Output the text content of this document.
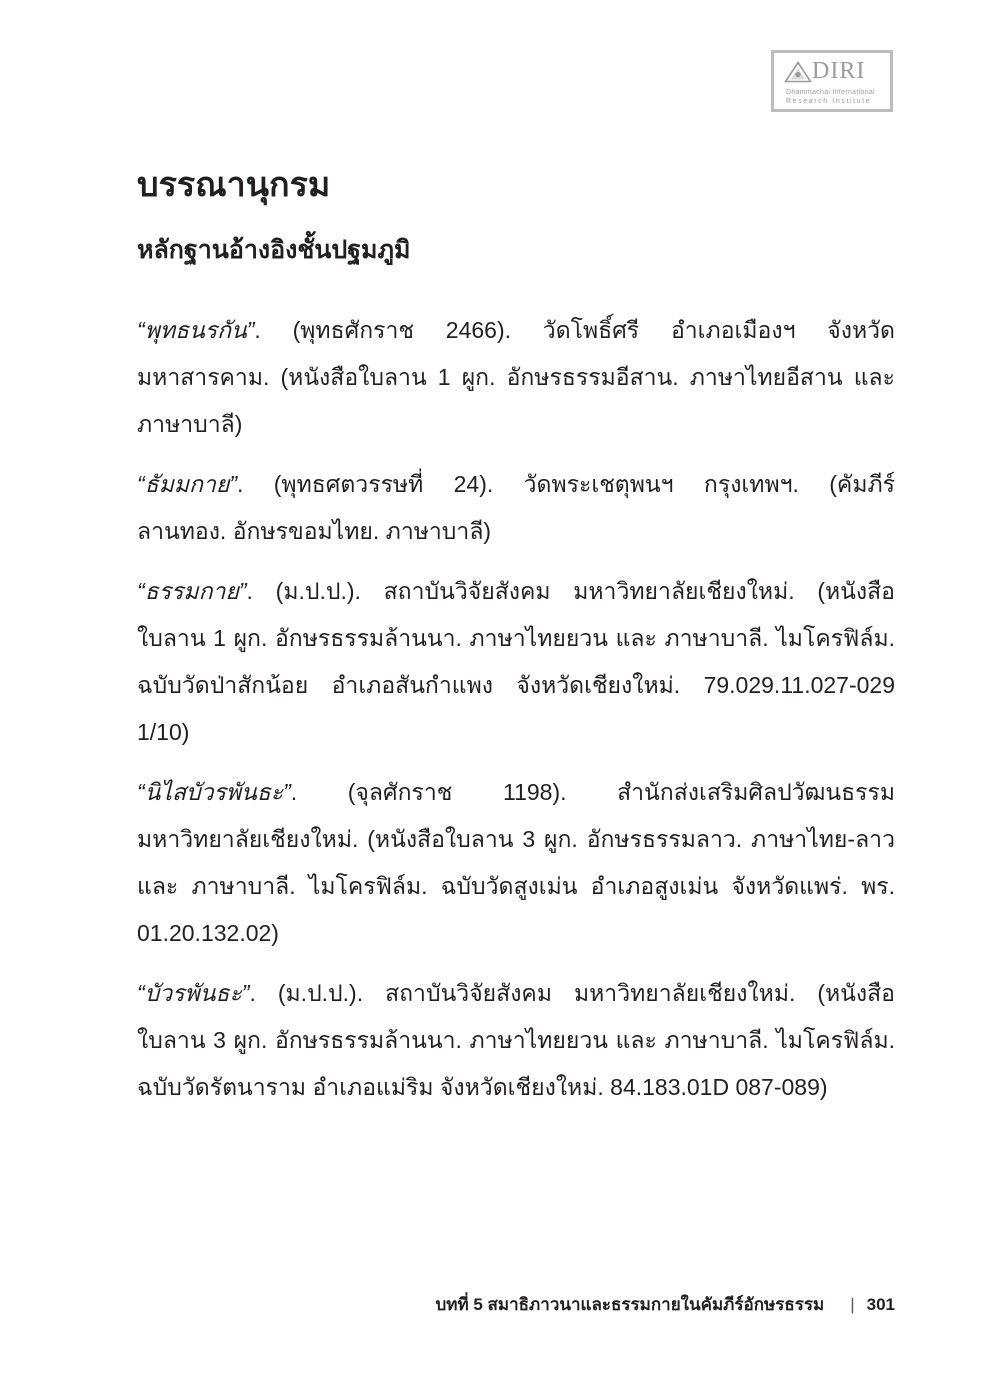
DIRI
Dhammachai International
Research Institute
บรรณานุกรม
หลักฐานอ้างอิงชั้นปฐมภูมิ
“พุทธนรกัน”. (พุทธศักราช 2466). วัดโพธิ์ศรี อำเภอเมืองฯ จังหวัด
มหาสารคาม. (หนังสือใบลาน 1 ผูก. อักษรธรรมอีสาน. ภาษาไทยอีสาน และ
ภาษาบาลี)
“ธัมมกาย”. (พุทธศตวรรษที่ 24). วัดพระเชตุพนฯ กรุงเทพฯ. (คัมภีร์
ลานทอง. อักษรขอมไทย. ภาษาบาลี)
“ธรรมกาย”. (ม.ป.ป.). สถาบันวิจัยสังคม มหาวิทยาลัยเชียงใหม่. (หนังสือ
ใบลาน 1 ผูก. อักษรธรรมล้านนา. ภาษาไทยยวน และ ภาษาบาลี. ไมโครฟิล์ม.
ฉบับวัดป่าสักน้อย อำเภอสันกำแพง จังหวัดเชียงใหม่. 79.029.11.027-029
1/10)
“นิไสบัวรพันธะ”. (จุลศักราช 1198). สำนักส่งเสริมศิลปวัฒนธรรม
มหาวิทยาลัยเชียงใหม่. (หนังสือใบลาน 3 ผูก. อักษรธรรมลาว. ภาษาไทย-ลาว
และ ภาษาบาลี. ไมโครฟิล์ม. ฉบับวัดสูงเม่น อำเภอสูงเม่น จังหวัดแพร่. พร.
01.20.132.02)
“บัวรพันธะ”. (ม.ป.ป.). สถาบันวิจัยสังคม มหาวิทยาลัยเชียงใหม่. (หนังสือ
ใบลาน 3 ผูก. อักษรธรรมล้านนา. ภาษาไทยยวน และ ภาษาบาลี. ไมโครฟิล์ม.
ฉบับวัดรัตนาราม อำเภอแม่ริม จังหวัดเชียงใหม่. 84.183.01D 087-089)
บทที่ 5 สมาธิภาวนาและธรรมกายในคัมภีร์อักษรธรรม | 301
